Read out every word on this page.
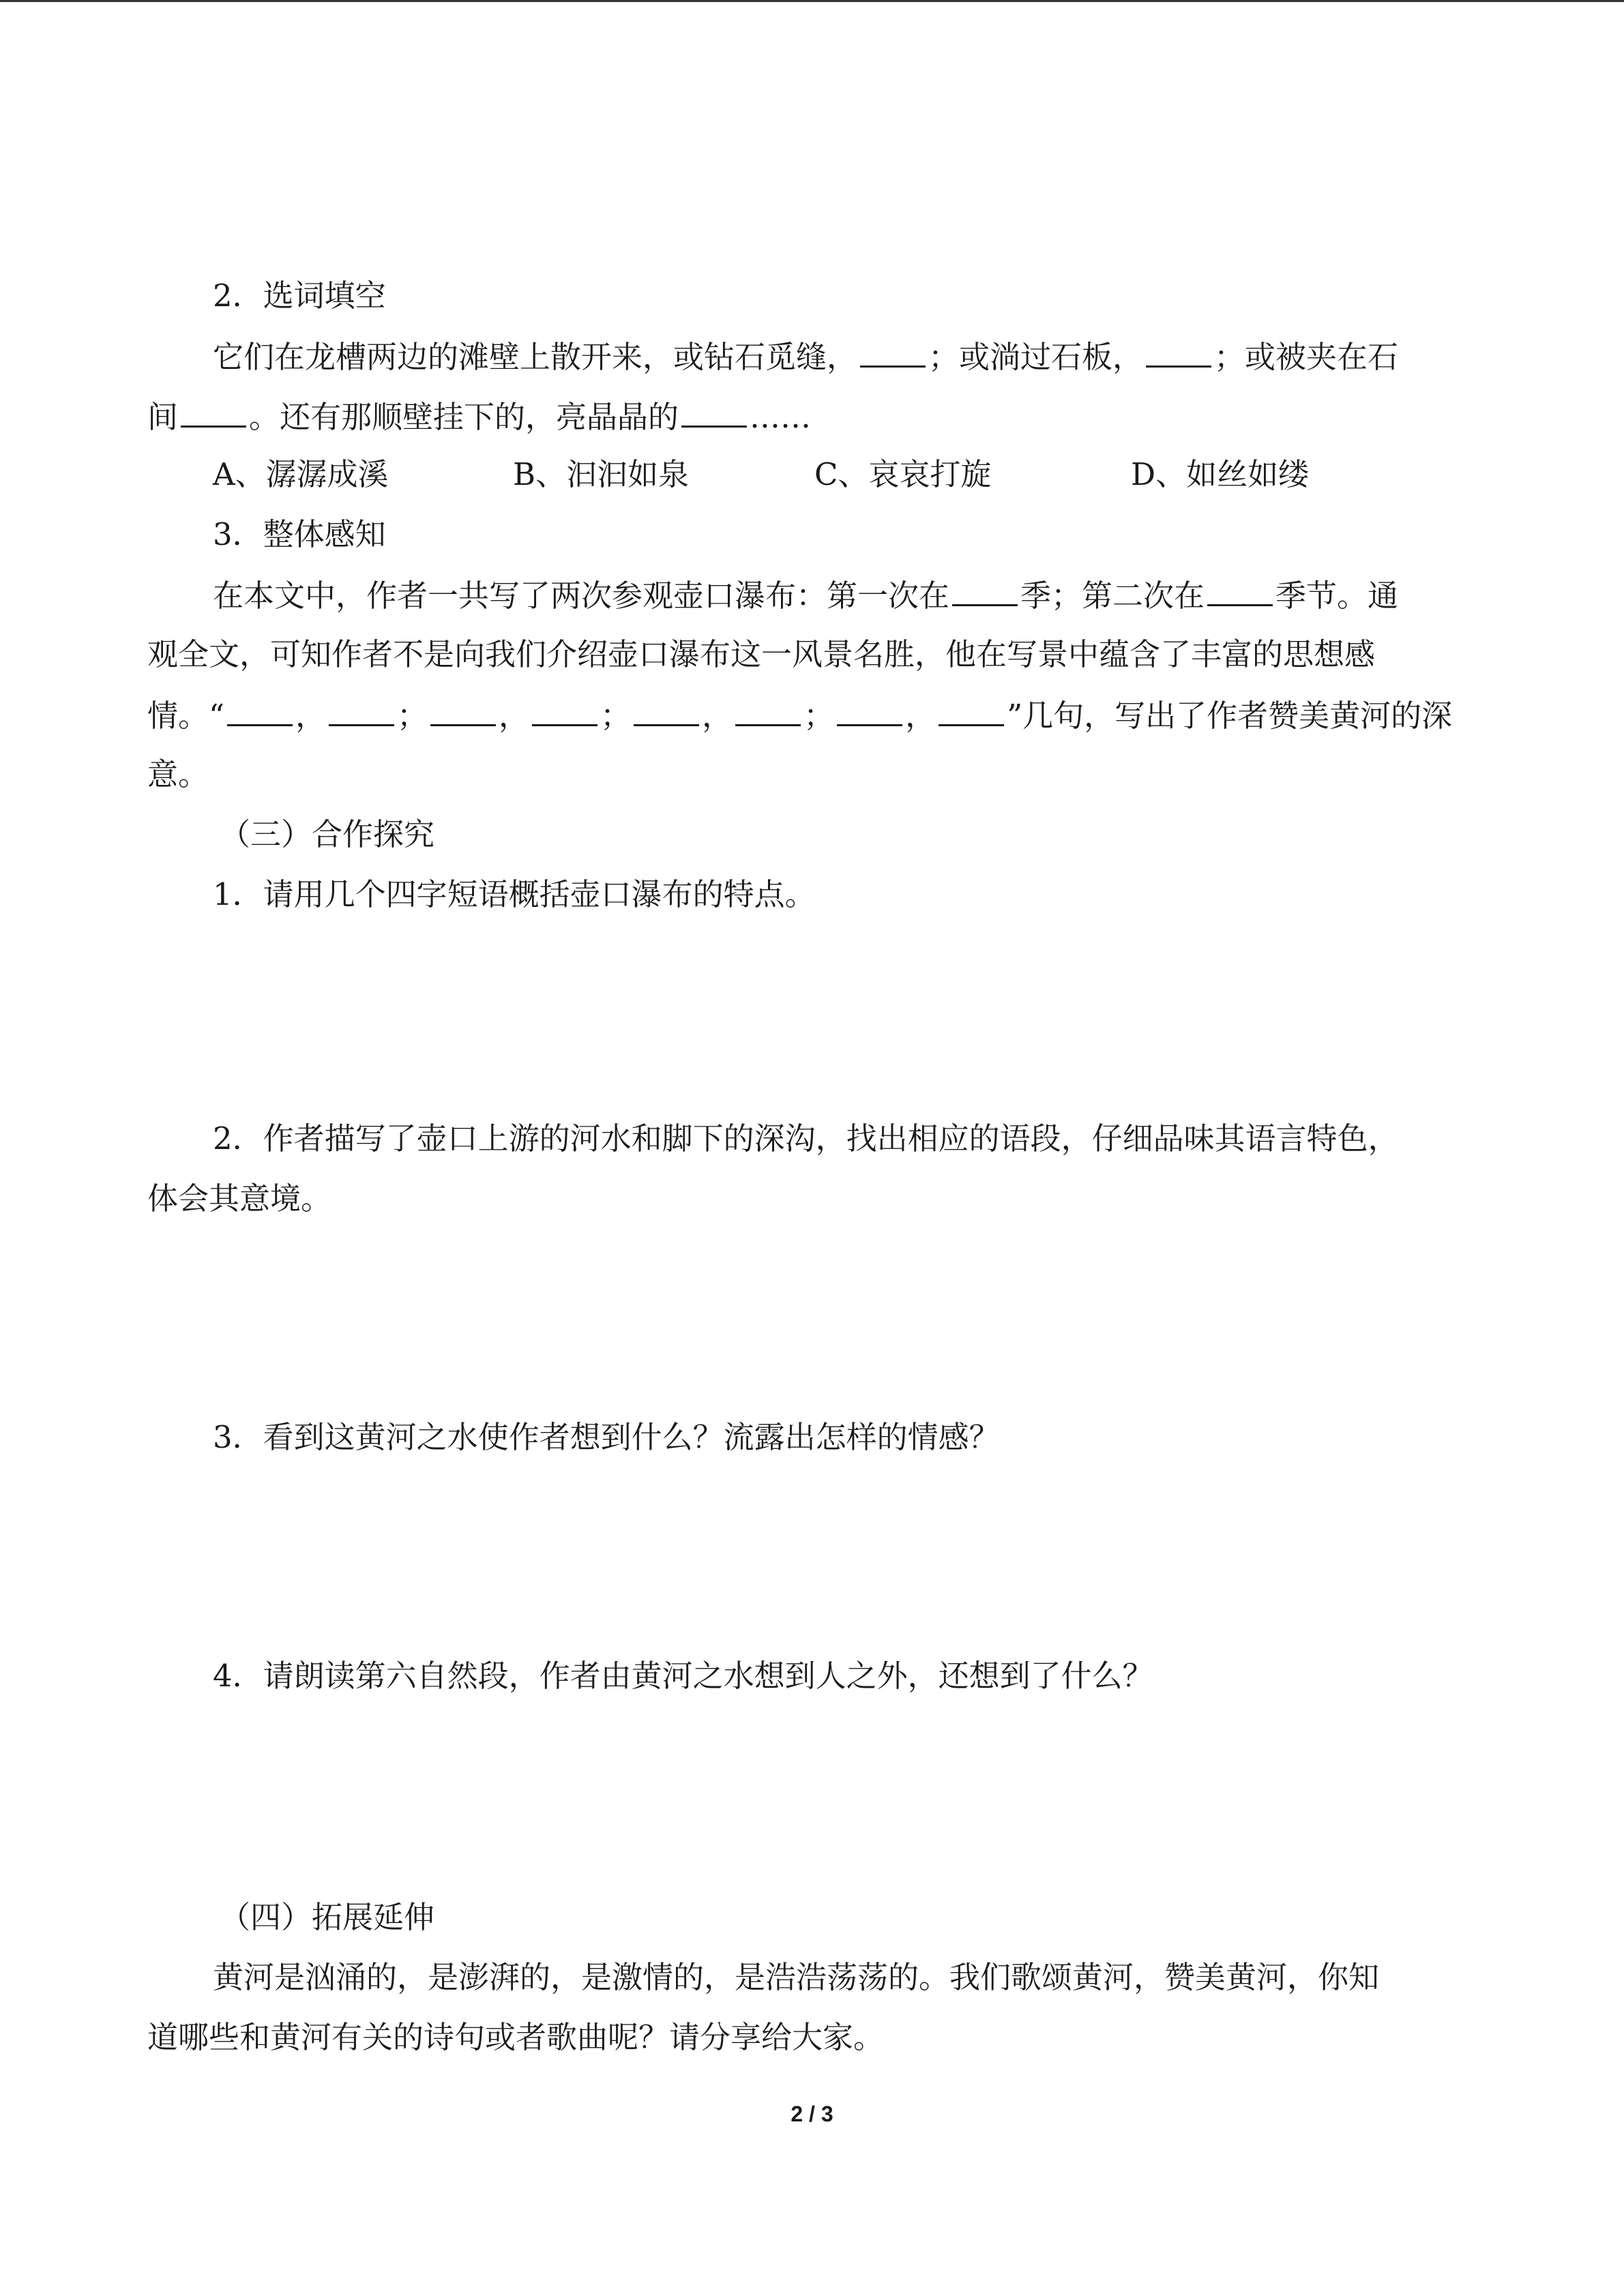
2．选词填空
它们在龙槽两边的滩壁上散开来，或钻石觅缝， ；或淌过石板， ；或被夹在石
间 。还有那顺壁挂下的，亮晶晶的 ……
A、潺潺成溪	B、汩汩如泉	C、哀哀打旋	D、如丝如缕
3．整体感知
在本文中，作者一共写了两次参观壶口瀑布：第一次在 季；第二次在 季节。通
观全文，可知作者不是向我们介绍壶口瀑布这一风景名胜，他在写景中蕴含了丰富的思想感
情。“ ， ； ， ； ， ； ， ”几句，写出了作者赞美黄河的深
意。
（三）合作探究
1．请用几个四字短语概括壶口瀑布的特点。
2．作者描写了壶口上游的河水和脚下的深沟，找出相应的语段，仔细品味其语言特色，
体会其意境。
3．看到这黄河之水使作者想到什么？流露出怎样的情感？
4．请朗读第六自然段，作者由黄河之水想到人之外，还想到了什么？
（四）拓展延伸
黄河是汹涌的，是澎湃的，是激情的，是浩浩荡荡的。我们歌颂黄河，赞美黄河，你知
道哪些和黄河有关的诗句或者歌曲呢？请分享给大家。
2 / 3
